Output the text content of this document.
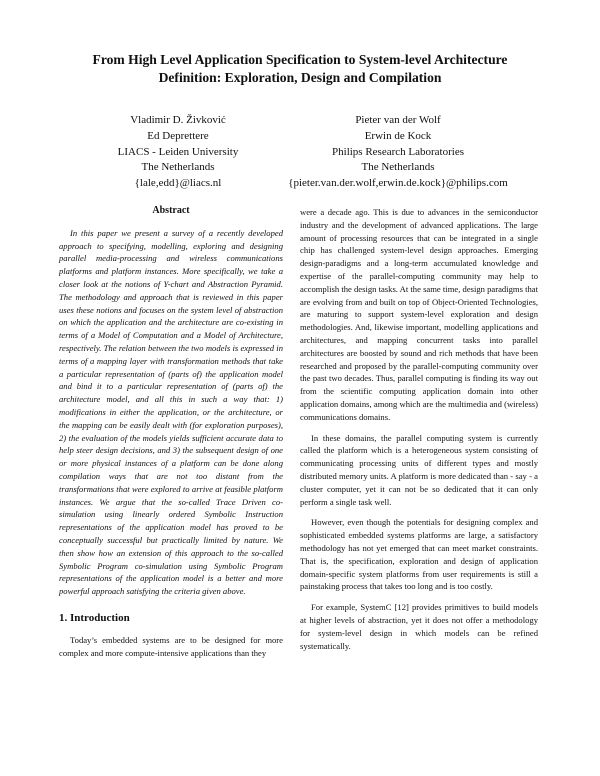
From High Level Application Specification to System-level Architecture Definition: Exploration, Design and Compilation
Vladimir D. Živković
Ed Deprettere
LIACS - Leiden University
The Netherlands
{lale,edd}@liacs.nl
Pieter van der Wolf
Erwin de Kock
Philips Research Laboratories
The Netherlands
{pieter.van.der.wolf,erwin.de.kock}@philips.com
Abstract

In this paper we present a survey of a recently developed approach to specifying, modelling, exploring and designing parallel media-processing and wireless communications platforms and platform instances. More specifically, we take a closer look at the notions of Y-chart and Abstraction Pyramid. The methodology and approach that is reviewed in this paper uses these notions and focuses on the system level of abstraction on which the application and the architecture are co-existing in terms of a Model of Computation and a Model of Architecture, respectively. The relation between the two models is expressed in terms of a mapping layer with transformation methods that take a particular representation of (parts of) the application model and bind it to a particular representation of (parts of) the architecture model, and all this in such a way that: 1) modifications in either the application, or the architecture, or the mapping can be easily dealt with (for exploration purposes), 2) the evaluation of the models yields sufficient accurate data to help steer design decisions, and 3) the subsequent design of one or more physical instances of a platform can be done along compilation ways that are not too distant from the transformations that were explored to arrive at feasible platform instances. We argue that the so-called Trace Driven co-simulation using linearly ordered Symbolic Instruction representations of the application model has proved to be conceptually successful but practically limited by nature. We then show how an extension of this approach to the so-called Symbolic Program co-simulation using Symbolic Program representations of the application model is a better and more powerful approach satisfying the criteria given above.

1. Introduction

Today’s embedded systems are to be designed for more complex and more compute-intensive applications than they

were a decade ago. This is due to advances in the semiconductor industry and the development of advanced applications. The large amount of processing resources that can be integrated in a single chip has challenged system-level design approaches. Emerging design-paradigms and a long-term accumulated knowledge and expertise of the parallel-computing community may help to accomplish the design tasks. At the same time, design paradigms that are evolving from and built on top of Object-Oriented Technologies, are maturing to support system-level exploration and design methodologies. And, likewise important, modelling applications and architectures, and mapping concurrent tasks into parallel architectures are boosted by sound and rich methods that have been researched and proposed by the parallel-computing community over the past two decades. Thus, parallel computing is finding its way out from the scientific computing application domain into other application domains, among which are the multimedia and (wireless) communications domains.

In these domains, the parallel computing system is currently called the platform which is a heterogeneous system consisting of communicating processing units of different types and mostly distributed memory units. A platform is more dedicated than - say - a cluster computer, yet it can not be so dedicated that it can only perform a single task well.

However, even though the potentials for designing complex and sophisticated embedded systems platforms are large, a satisfactory methodology has not yet emerged that can meet market constraints. That is, the specification, exploration and design of application domain-specific system platforms from user requirements is still a painstaking process that takes too long and is too costly.

For example, SystemC [12] provides primitives to build models at higher levels of abstraction, yet it does not offer a methodology for system-level design in which models can be refined systematically.
